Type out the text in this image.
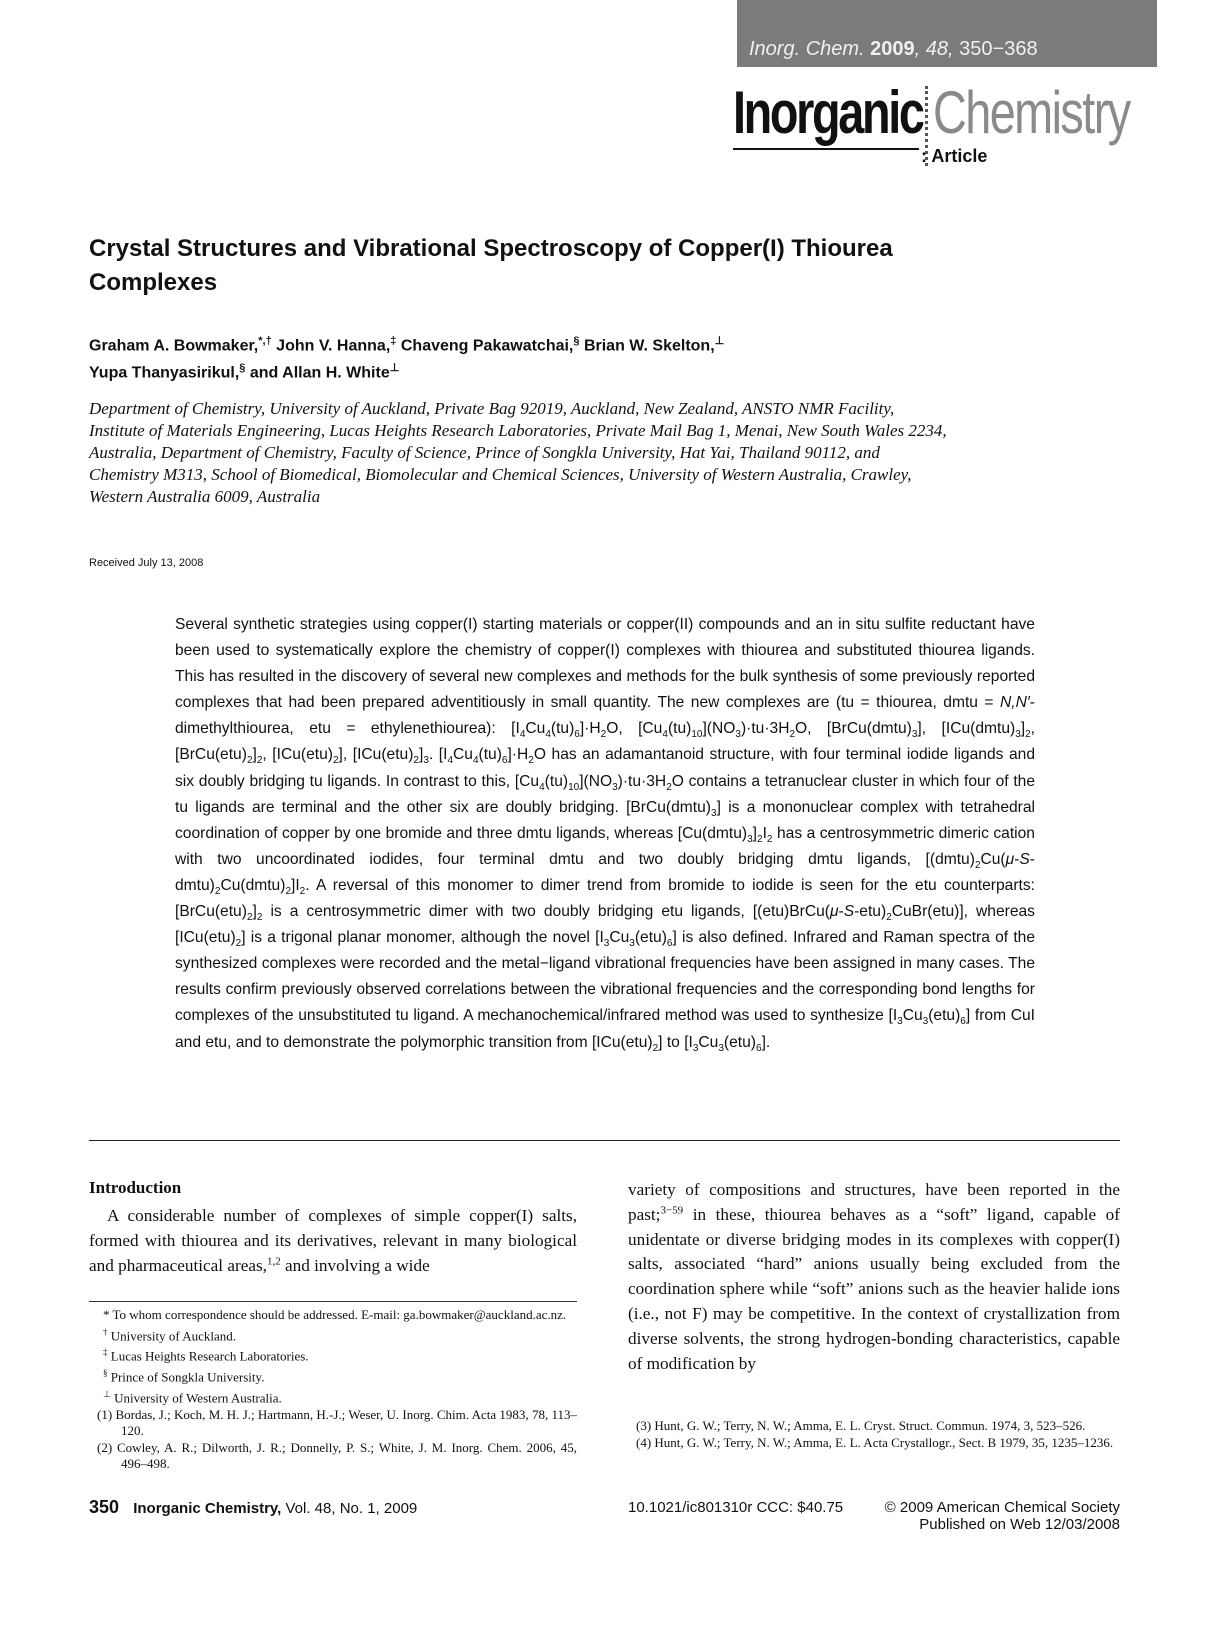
Inorg. Chem. 2009, 48, 350−368
Inorganic Chemistry
: Article
Crystal Structures and Vibrational Spectroscopy of Copper(I) Thiourea Complexes
Graham A. Bowmaker,*,† John V. Hanna,‡ Chaveng Pakawatchai,§ Brian W. Skelton,⊥
Yupa Thanyasirikul,§ and Allan H. White⊥
Department of Chemistry, University of Auckland, Private Bag 92019, Auckland, New Zealand, ANSTO NMR Facility, Institute of Materials Engineering, Lucas Heights Research Laboratories, Private Mail Bag 1, Menai, New South Wales 2234, Australia, Department of Chemistry, Faculty of Science, Prince of Songkla University, Hat Yai, Thailand 90112, and Chemistry M313, School of Biomedical, Biomolecular and Chemical Sciences, University of Western Australia, Crawley, Western Australia 6009, Australia
Received July 13, 2008
Several synthetic strategies using copper(I) starting materials or copper(II) compounds and an in situ sulfite reductant have been used to systematically explore the chemistry of copper(I) complexes with thiourea and substituted thiourea ligands. This has resulted in the discovery of several new complexes and methods for the bulk synthesis of some previously reported complexes that had been prepared adventitiously in small quantity. The new complexes are (tu = thiourea, dmtu = N,N′-dimethylthiourea, etu = ethylenethiourea): $[I_4Cu_4(tu)_6]\cdot H_2O$, $[Cu_4(tu)_{10}](NO_3)\cdot tu\cdot 3H_2O$, $[BrCu(dmtu)_3]$, $[ICu(dmtu)_3]_2$, $[BrCu(etu)_2]_2$, $[ICu(etu)_2]$, $[ICu(etu)_2]_3$. $[I_4Cu_4(tu)_6]\cdot H_2O$ has an adamantanoid structure, with four terminal iodide ligands and six doubly bridging tu ligands. In contrast to this, $[Cu_4(tu)_{10}](NO_3)\cdot tu\cdot 3H_2O$ contains a tetranuclear cluster in which four of the tu ligands are terminal and the other six are doubly bridging. $[BrCu(dmtu)_3]$ is a mononuclear complex with tetrahedral coordination of copper by one bromide and three dmtu ligands, whereas $[Cu(dmtu)_3]_2I_2$ has a centrosymmetric dimeric cation with two uncoordinated iodides, four terminal dmtu and two doubly bridging dmtu ligands, $[(dmtu)_2Cu(\mu-S-dmtu)_2Cu(dmtu)_2]I_2$. A reversal of this monomer to dimer trend from bromide to iodide is seen for the etu counterparts: $[BrCu(etu)_2]_2$ is a centrosymmetric dimer with two doubly bridging etu ligands, $[(etu)BrCu(\mu-S-etu)_2CuBr(etu)]$, whereas $[ICu(etu)_2]$ is a trigonal planar monomer, although the novel $[I_3Cu_3(etu)_6]$ is also defined. Infrared and Raman spectra of the synthesized complexes were recorded and the metal−ligand vibrational frequencies have been assigned in many cases. The results confirm previously observed correlations between the vibrational frequencies and the corresponding bond lengths for complexes of the unsubstituted tu ligand. A mechanochemical/infrared method was used to synthesize $[I_3Cu_3(etu)_6]$ from CuI and etu, and to demonstrate the polymorphic transition from $[ICu(etu)_2]$ to $[I_3Cu_3(etu)_6]$.

Introduction

A considerable number of complexes of simple copper(I) salts, formed with thiourea and its derivatives, relevant in many biological and pharmaceutical areas,$^{1,2}$ and involving a wide

variety of compositions and structures, have been reported in the past;$^{3-59}$ in these, thiourea behaves as a “soft” ligand, capable of unidentate or diverse bridging modes in its complexes with copper(I) salts, associated “hard” anions usually being excluded from the coordination sphere while “soft” anions such as the heavier halide ions (i.e., not F) may be competitive. In the context of crystallization from diverse solvents, the strong hydrogen-bonding characteristics, capable of modification by

* To whom correspondence should be addressed. E-mail: ga.bowmaker@auckland.ac.nz.

† University of Auckland.

‡ Lucas Heights Research Laboratories.

§ Prince of Songkla University.

⊥ University of Western Australia.

(1) Bordas, J.; Koch, M. H. J.; Hartmann, H.-J.; Weser, U. Inorg. Chim. Acta 1983, 78, 113–120.

(2) Cowley, A. R.; Dilworth, J. R.; Donnelly, P. S.; White, J. M. Inorg. Chem. 2006, 45, 496–498.

(3) Hunt, G. W.; Terry, N. W.; Amma, E. L. Cryst. Struct. Commun. 1974, 3, 523–526.

(4) Hunt, G. W.; Terry, N. W.; Amma, E. L. Acta Crystallogr., Sect. B 1979, 35, 1235–1236.

350 Inorganic Chemistry, Vol. 48, No. 1, 2009	10.1021/ic801310r CCC: $40.75	© 2009 American Chemical Society
Published on Web 12/03/2008
